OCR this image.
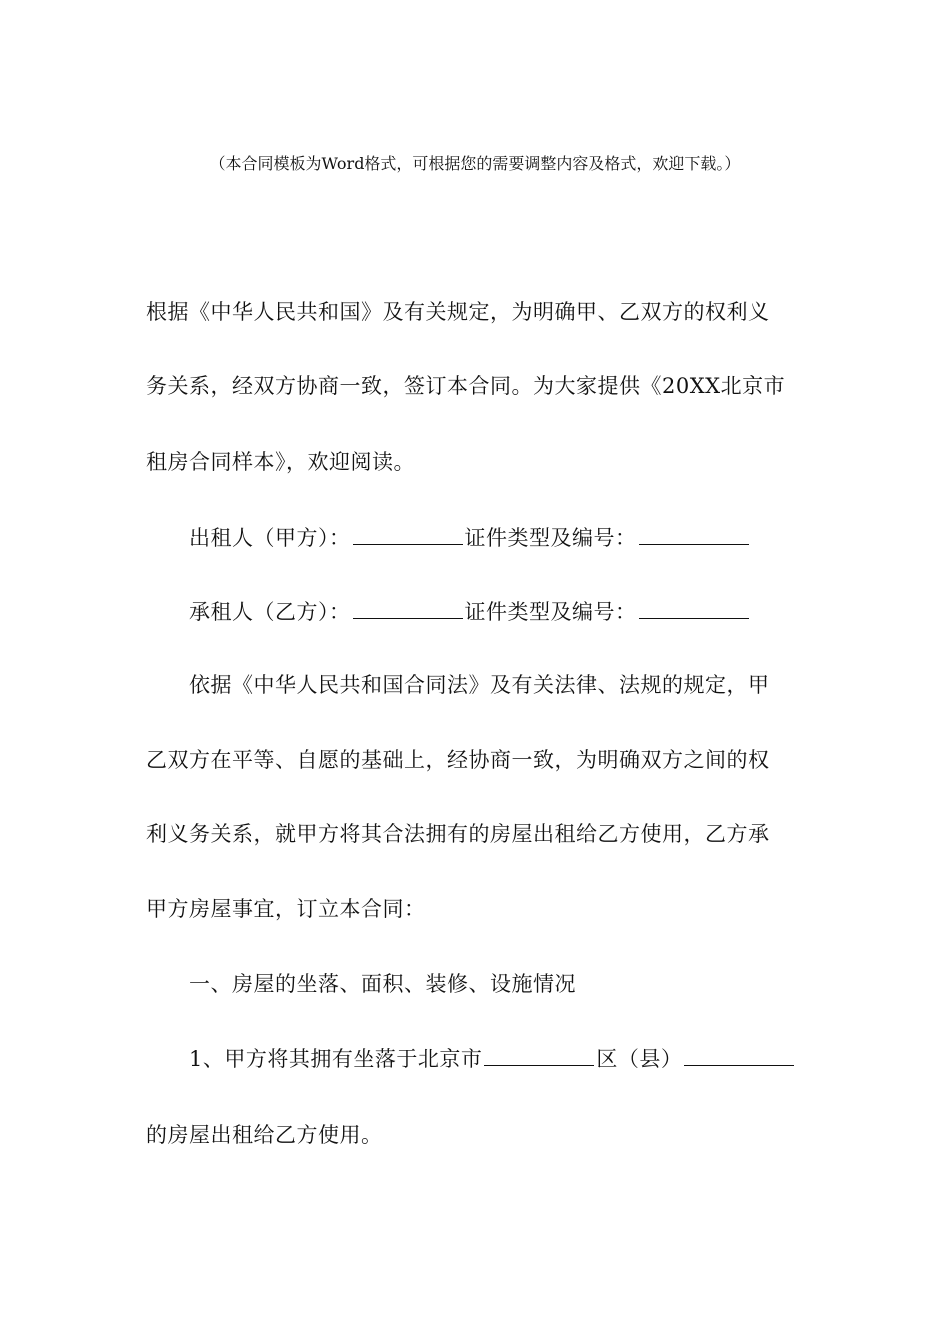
（本合同模板为Word格式，可根据您的需要调整内容及格式，欢迎下载。）
根据《中华人民共和国》及有关规定，为明确甲、乙双方的权利义
务关系，经双方协商一致，签订本合同。为大家提供《20XX北京市
租房合同样本》，欢迎阅读。
出租人（甲方）：	证件类型及编号：
承租人（乙方）：	证件类型及编号：
依据《中华人民共和国合同法》及有关法律、法规的规定，甲
乙双方在平等、自愿的基础上，经协商一致，为明确双方之间的权
利义务关系，就甲方将其合法拥有的房屋出租给乙方使用，乙方承
甲方房屋事宜，订立本合同：
一、房屋的坐落、面积、装修、设施情况
1、甲方将其拥有坐落于北京市	区（县）
的房屋出租给乙方使用。
